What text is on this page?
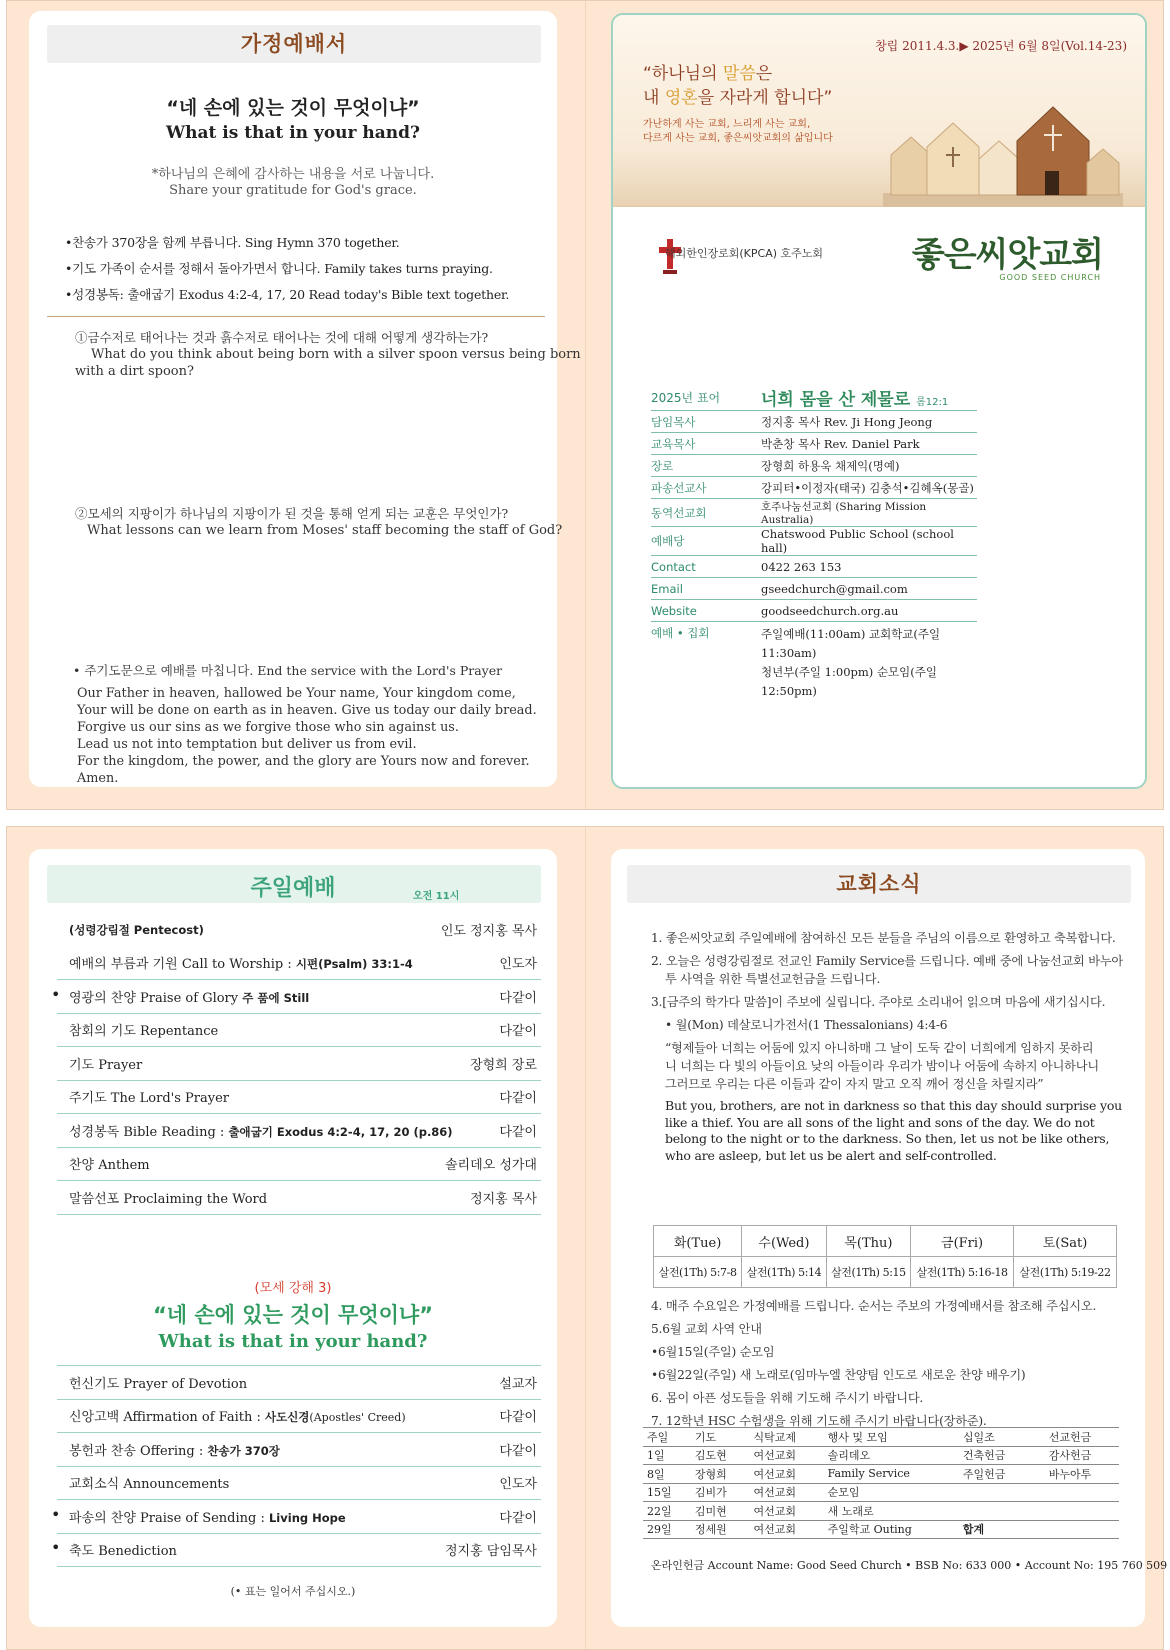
가정예배서
“네 손에 있는 것이 무엇이냐”
What is that in your hand?
*하나님의 은혜에 감사하는 내용을 서로 나눕니다.
Share your gratitude for God's grace.
•찬송가 370장을 함께 부릅니다. Sing Hymn 370 together.
•기도 가족이 순서를 정해서 돌아가면서 합니다. Family takes turns praying.
•성경봉독: 출애굽기 Exodus 4:2-4, 17, 20 Read today's Bible text together.
①금수저로 태어나는 것과 흙수저로 태어나는 것에 대해 어떻게 생각하는가?
What do you think about being born with a silver spoon versus being born
with a dirt spoon?
②모세의 지팡이가 하나님의 지팡이가 된 것을 통해 얻게 되는 교훈은 무엇인가?
What lessons can we learn from Moses' staff becoming the staff of God?
• 주기도문으로 예배를 마칩니다. End the service with the Lord's Prayer
Our Father in heaven, hallowed be Your name, Your kingdom come,
Your will be done on earth as in heaven. Give us today our daily bread.
Forgive us our sins as we forgive those who sin against us.
Lead us not into temptation but deliver us from evil.
For the kingdom, the power, and the glory are Yours now and forever. Amen.
창립 2011.4.3.▶ 2025년 6월 8일(Vol.14-23)
“하나님의 말씀은
내 영혼을 자라게 합니다”
가난하게 사는 교회, 느리게 사는 교회,
다르게 사는 교회, 좋은씨앗교회의 삶입니다
해외한인장로회(KPCA) 호주노회	좋은씨앗교회
GOOD SEED CHURCH
2025년 표어	너희 몸을 산 제물로 롬12:1
담임목사	정지홍 목사 Rev. Ji Hong Jeong
교육목사	박춘창 목사 Rev. Daniel Park
장로	장형희 하용욱 채제익(명예)
파송선교사	강피터•이정자(태국) 김충석•김혜옥(몽골)
동역선교회	호주나눔선교회 (Sharing Mission Australia)
예배당	Chatswood Public School (school hall)
Contact	0422 263 153
Email	gseedchurch@gmail.com
Website	goodseedchurch.org.au
예배 • 집회	주일예배(11:00am) 교회학교(주일 11:30am)
청년부(주일 1:00pm) 순모임(주일 12:50pm)
주일예배	오전 11시
(성령강림절 Pentecost)	인도 정지홍 목사
예배의 부름과 기원 Call to Worship : 시편(Psalm) 33:1-4	인도자
• 영광의 찬양 Praise of Glory 주 품에 Still	다같이
참회의 기도 Repentance	다같이
기도 Prayer	장형희 장로
주기도 The Lord's Prayer	다같이
성경봉독 Bible Reading : 출애굽기 Exodus 4:2-4, 17, 20 (p.86)	다같이
찬양 Anthem	솔리데오 성가대
말씀선포 Proclaiming the Word	정지홍 목사
(모세 강해 3)
“네 손에 있는 것이 무엇이냐”
What is that in your hand?
헌신기도 Prayer of Devotion	설교자
신앙고백 Affirmation of Faith : 사도신경(Apostles' Creed)	다같이
봉헌과 찬송 Offering : 찬송가 370장	다같이
교회소식 Announcements	인도자
• 파송의 찬양 Praise of Sending : Living Hope	다같이
• 축도 Benediction	정지홍 담임목사
(• 표는 일어서 주십시오.)
교회소식
1. 좋은씨앗교회 주일예배에 참여하신 모든 분들을 주님의 이름으로 환영하고 축복합니다.
2. 오늘은 성령강림절로 전교인 Family Service를 드립니다. 예배 중에 나눔선교회 바누아
투 사역을 위한 특별선교헌금을 드립니다.
3.[금주의 학가다 말씀]이 주보에 실립니다. 주야로 소리내어 읽으며 마음에 새기십시다.
• 월(Mon) 데살로니가전서(1 Thessalonians) 4:4-6
“형제들아 너희는 어둠에 있지 아니하매 그 날이 도둑 같이 너희에게 임하지 못하리
니 너희는 다 빛의 아들이요 낮의 아들이라 우리가 밤이나 어둠에 속하지 아니하나니
그러므로 우리는 다른 이들과 같이 자지 말고 오직 깨어 정신을 차릴지라”
But you, brothers, are not in darkness so that this day should surprise you like a thief. You are all sons of the light and sons of the day. We do not belong to the night or to the darkness. So then, let us not be like others, who are asleep, but let us be alert and self-controlled.
화(Tue)	수(Wed)	목(Thu)	금(Fri)	토(Sat)
살전(1Th) 5:7-8	살전(1Th) 5:14	살전(1Th) 5:15	살전(1Th) 5:16-18	살전(1Th) 5:19-22
4. 매주 수요일은 가정예배를 드립니다. 순서는 주보의 가정예배서를 참조해 주십시오.
5.6월 교회 사역 안내
•6월15일(주일) 순모임
•6월22일(주일) 새 노래로(임마누엘 찬양팀 인도로 새로운 찬양 배우기)
6. 몸이 아픈 성도들을 위해 기도해 주시기 바랍니다.
7. 12학년 HSC 수험생을 위해 기도해 주시기 바랍니다(장하준).
주일	기도	식탁교제	행사 및 모임	십일조		선교헌금
1일	김도현	여선교회	솔리데오	건축헌금		감사헌금
8일	장형희	여선교회	Family Service	주일헌금		바누아투
15일	김비가	여선교회	순모임			
22일	김미현	여선교회	새 노래로			
29일	정세원	여선교회	주일학교 Outing	합계		
온라인헌금 Account Name: Good Seed Church • BSB No: 633 000 • Account No: 195 760 509
